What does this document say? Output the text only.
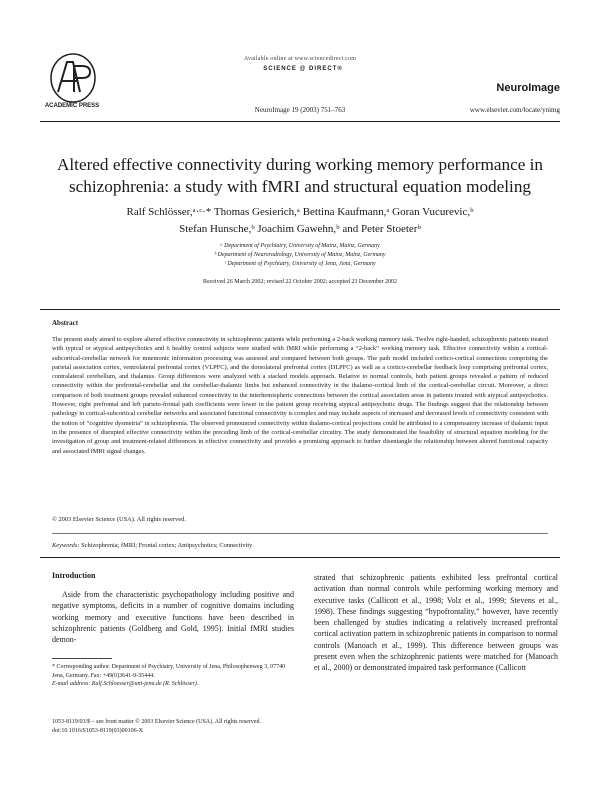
ACADEMIC PRESS
Available online at www.sciencedirect.com
SCIENCE @ DIRECT®
NeuroImage
NeuroImage 19 (2003) 751–763	www.elsevier.com/locate/ynimg
Altered effective connectivity during working memory performance in schizophrenia: a study with fMRI and structural equation modeling
Ralf Schlösser,ᵃ·ᶜ·* Thomas Gesierich,ᵃ Bettina Kaufmann,ᵃ Goran Vucurevic,ᵇ
Stefan Hunsche,ᵇ Joachim Gawehn,ᵇ and Peter Stoeterᵇ
ᵃ Department of Psychiatry, University of Mainz, Mainz, Germany
ᵇ Department of Neuroradiology, University of Mainz, Mainz, Germany
ᶜ Department of Psychiatry, University of Jena, Jena, Germany
Received 26 March 2002; revised 22 October 2002; accepted 23 December 2002
Abstract
The present study aimed to explore altered effective connectivity in schizophrenic patients while performing a 2-back working memory task. Twelve right-handed, schizophrenic patients treated with typical or atypical antipsychotics and 6 healthy control subjects were studied with fMRI while performing a “2-back” working memory task. Effective connectivity within a cortical-subcortical-cerebellar network for mnemonic information processing was assessed and compared between both groups. The path model included cortico-cortical connections comprising the parietal association cortex, ventrolateral prefrontal cortex (VLPFC), and the dorsolateral prefrontal cortex (DLPFC) as well as a cortico-cerebellar feedback loop comprising prefrontal cortex, contralateral cerebellum, and thalamus. Group differences were analyzed with a stacked models approach. Relative to normal controls, both patient groups revealed a pattern of reduced connectivity within the prefrontal-cerebellar and the cerebellar-thalamic limbs but enhanced connectivity in the thalamo-cortical limb of the cortical-cerebellar circuit. Moreover, a direct comparison of both treatment groups revealed enhanced connectivity in the interhemispheric connections between the cortical association areas in patients treated with atypical antipsychotics. However, right prefrontal and left parieto-frontal path coefficients were lower in the patient group receiving atypical antipsychotic drugs. The findings suggest that the relationship between pathology in cortical-subcortical cerebellar networks and associated functional connectivity is complex and may include aspects of increased and decreased levels of connectivity consistent with the notion of “cognitive dysmetria” in schizophrenia. The observed pronounced connectivity within thalamo-cortical projections could be attributed to a compensatory increase of thalamic input in the presence of disrupted effective connectivity within the preceding limb of the cortical-cerebellar circuitry. The study demonstrated the feasibility of structural equation modeling for the investigation of group and treatment-related differences in effective connectivity and provides a promising approach to further disentangle the relationship between altered functional capacity and associated fMRI signal changes.
© 2003 Elsevier Science (USA). All rights reserved.
Keywords: Schizophrenia; fMRI; Frontal cortex; Antipsychotics; Connectivity
Introduction
Aside from the characteristic psychopathology including positive and negative symptoms, deficits in a number of cognitive domains including working memory and executive functions have been described in schizophrenic patients (Goldberg and Gold, 1995). Initial fMRI studies demon-
strated that schizophrenic patients exhibited less prefrontal cortical activation than normal controls while performing working memory and executive tasks (Callicott et al., 1998; Volz et al., 1999; Stevens et al., 1998). These findings suggesting “hypofrontality,” however, have recently been challenged by studies indicating a relatively increased prefrontal cortical activation pattern in schizophrenic patients in comparison to normal controls (Manoach et al., 1999). This difference between groups was present even when the schizophrenic patients were matched for (Manoach et al., 2000) or demonstrated impaired task performance (Callicott
* Corresponding author. Department of Psychiatry, University of Jena, Philosophenweg 3, 07740 Jena, Germany. Fax: +49(0)3641-9-35444.
E-mail address: Ralf.Schloesser@uni-jena.de (R. Schlösser).
1053-8119/03/$ – see front matter © 2003 Elsevier Science (USA). All rights reserved.
doi:10.1016/S1053-8119(03)00106-X
